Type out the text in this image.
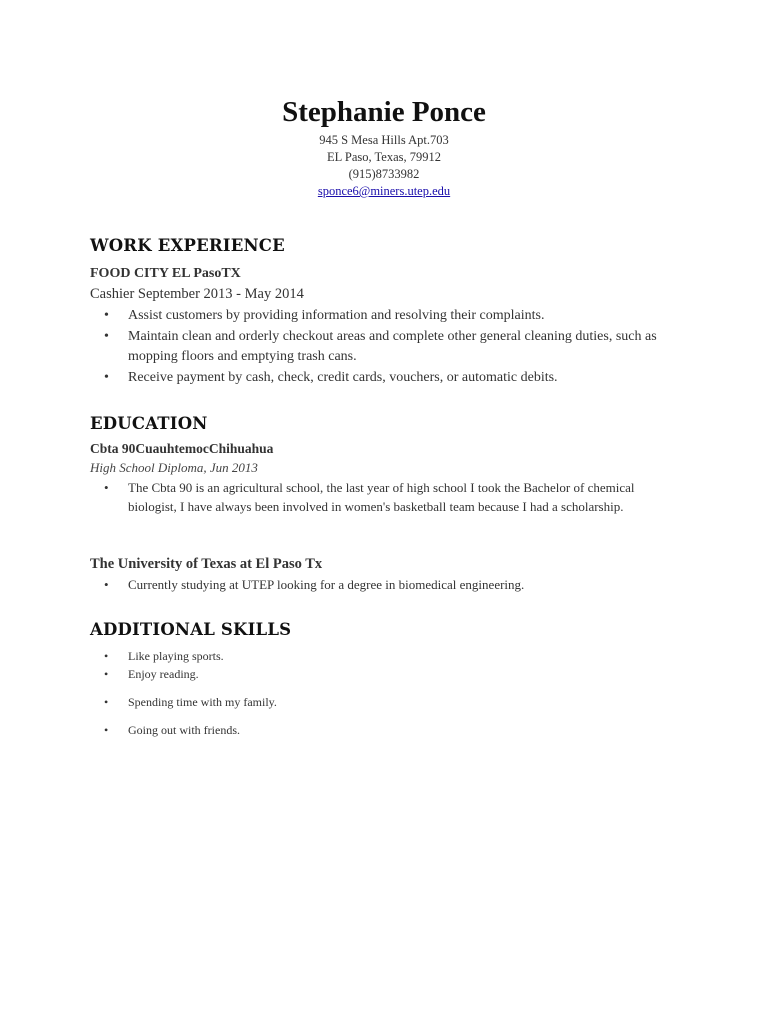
Stephanie Ponce
945 S Mesa Hills Apt.703
EL Paso, Texas, 79912
(915)8733982
sponce6@miners.utep.edu
WORK EXPERIENCE
FOOD CITY EL PasoTX
Cashier September 2013 - May 2014
• Assist customers by providing information and resolving their complaints.
• Maintain clean and orderly checkout areas and complete other general cleaning duties, such as mopping floors and emptying trash cans.
• Receive payment by cash, check, credit cards, vouchers, or automatic debits.
EDUCATION
Cbta 90CuauhtemocChihuahua
High School Diploma, Jun 2013
• The Cbta 90 is an agricultural school, the last year of high school I took the Bachelor of chemical biologist, I have always been involved in women's basketball team because I had a scholarship.
The University of Texas at El Paso Tx
• Currently studying at UTEP looking for a degree in biomedical engineering.
ADDITIONAL SKILLS
• Like playing sports.
• Enjoy reading.
• Spending time with my family.
• Going out with friends.
